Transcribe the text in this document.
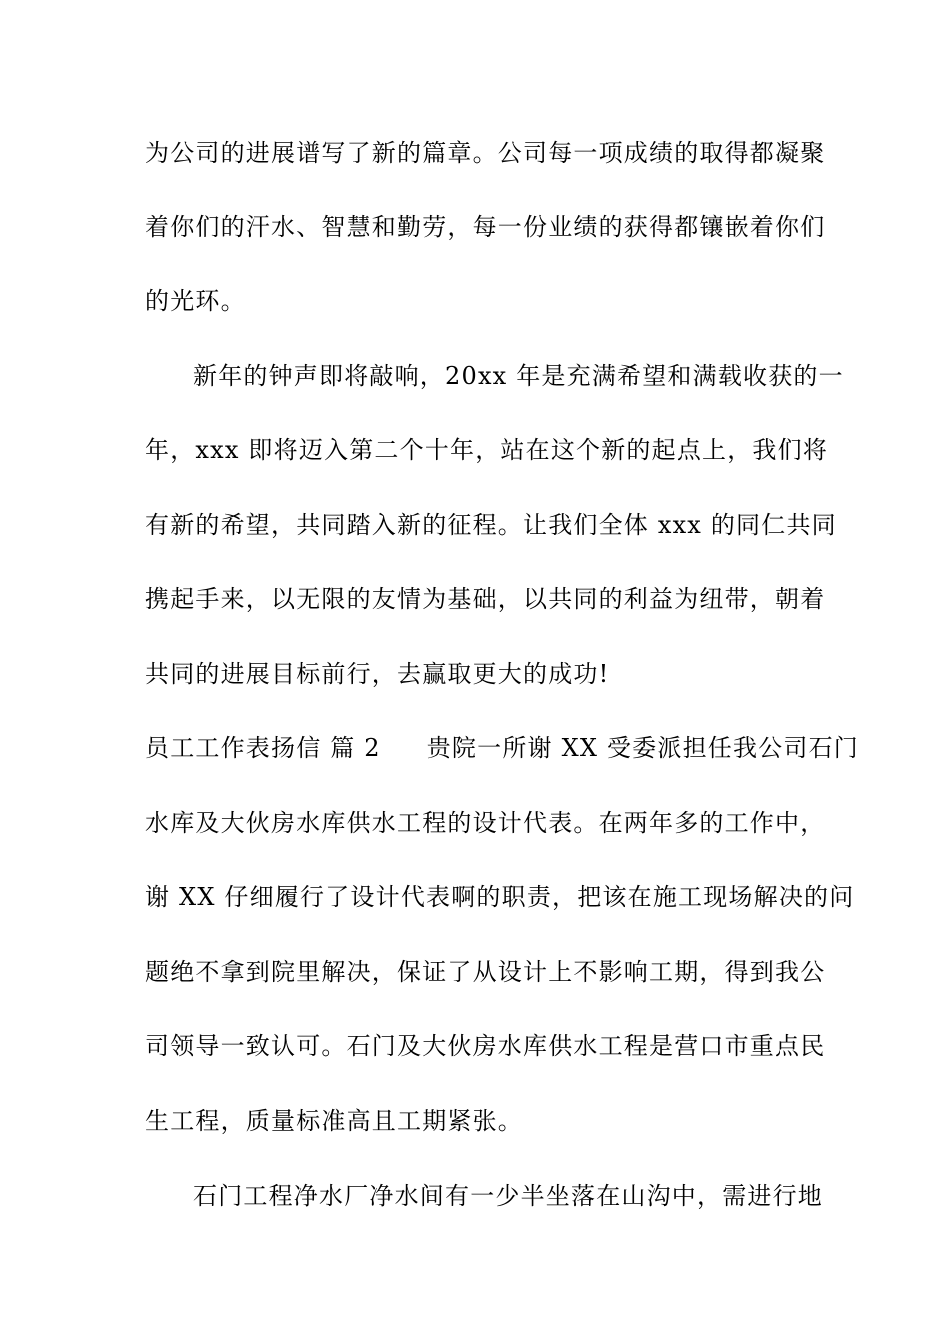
为公司的进展谱写了新的篇章。公司每一项成绩的取得都凝聚
着你们的汗水、智慧和勤劳，每一份业绩的获得都镶嵌着你们
的光环。
新年的钟声即将敲响，20xx 年是充满希望和满载收获的一
年，xxx 即将迈入第二个十年，站在这个新的起点上，我们将
有新的希望，共同踏入新的征程。让我们全体 xxx 的同仁共同
携起手来，以无限的友情为基础，以共同的利益为纽带，朝着
共同的进展目标前行，去赢取更大的成功!
员工工作表扬信 篇 2 贵院一所谢 XX 受委派担任我公司石门
水库及大伙房水库供水工程的设计代表。在两年多的工作中，
谢 XX 仔细履行了设计代表啊的职责，把该在施工现场解决的问
题绝不拿到院里解决，保证了从设计上不影响工期，得到我公
司领导一致认可。石门及大伙房水库供水工程是营口市重点民
生工程，质量标准高且工期紧张。
石门工程净水厂净水间有一少半坐落在山沟中，需进行地
